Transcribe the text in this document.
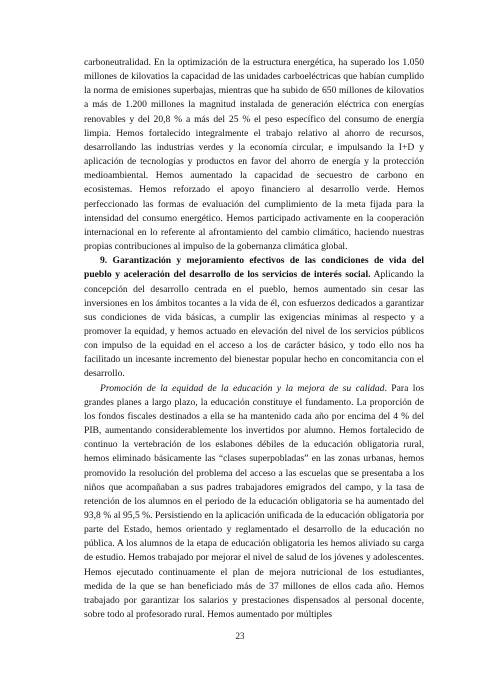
carboneutralidad. En la optimización de la estructura energética, ha superado los 1.050 millones de kilovatios la capacidad de las unidades carboeléctricas que habían cumplido la norma de emisiones superbajas, mientras que ha subido de 650 millones de kilovatios a más de 1.200 millones la magnitud instalada de generación eléctrica con energías renovables y del 20,8 % a más del 25 % el peso específico del consumo de energía limpia. Hemos fortalecido integralmente el trabajo relativo al ahorro de recursos, desarrollando las industrias verdes y la economía circular, e impulsando la I+D y aplicación de tecnologías y productos en favor del ahorro de energía y la protección medioambiental. Hemos aumentado la capacidad de secuestro de carbono en ecosistemas. Hemos reforzado el apoyo financiero al desarrollo verde. Hemos perfeccionado las formas de evaluación del cumplimiento de la meta fijada para la intensidad del consumo energético. Hemos participado activamente en la cooperación internacional en lo referente al afrontamiento del cambio climático, haciendo nuestras propias contribuciones al impulso de la gobernanza climática global.

9. Garantización y mejoramiento efectivos de las condiciones de vida del pueblo y aceleración del desarrollo de los servicios de interés social. Aplicando la concepción del desarrollo centrada en el pueblo, hemos aumentado sin cesar las inversiones en los ámbitos tocantes a la vida de él, con esfuerzos dedicados a garantizar sus condiciones de vida básicas, a cumplir las exigencias mínimas al respecto y a promover la equidad, y hemos actuado en elevación del nivel de los servicios públicos con impulso de la equidad en el acceso a los de carácter básico, y todo ello nos ha facilitado un incesante incremento del bienestar popular hecho en concomitancia con el desarrollo.

Promoción de la equidad de la educación y la mejora de su calidad. Para los grandes planes a largo plazo, la educación constituye el fundamento. La proporción de los fondos fiscales destinados a ella se ha mantenido cada año por encima del 4 % del PIB, aumentando considerablemente los invertidos por alumno. Hemos fortalecido de continuo la vertebración de los eslabones débiles de la educación obligatoria rural, hemos eliminado básicamente las “clases superpobladas” en las zonas urbanas, hemos promovido la resolución del problema del acceso a las escuelas que se presentaba a los niños que acompañaban a sus padres trabajadores emigrados del campo, y la tasa de retención de los alumnos en el periodo de la educación obligatoria se ha aumentado del 93,8 % al 95,5 %. Persistiendo en la aplicación unificada de la educación obligatoria por parte del Estado, hemos orientado y reglamentado el desarrollo de la educación no pública. A los alumnos de la etapa de educación obligatoria les hemos aliviado su carga de estudio. Hemos trabajado por mejorar el nivel de salud de los jóvenes y adolescentes. Hemos ejecutado continuamente el plan de mejora nutricional de los estudiantes, medida de la que se han beneficiado más de 37 millones de ellos cada año. Hemos trabajado por garantizar los salarios y prestaciones dispensados al personal docente, sobre todo al profesorado rural. Hemos aumentado por múltiples

23
